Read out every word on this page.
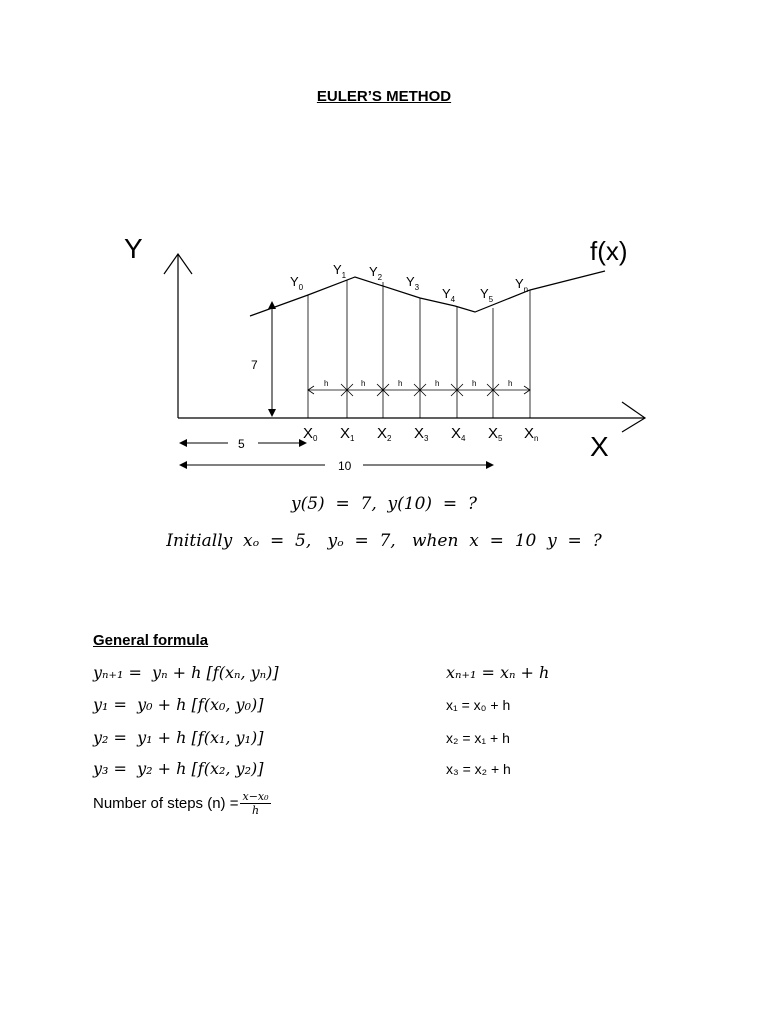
EULER’S METHOD
Y
X
f(x)
7
h	h	h	h	h	h
$Y_0$
$Y_1$ $Y_2$ $Y_3$ $Y_4$ $Y_5$
$Y_n$
$X_0$ $X_1$ $X_2$ $X_3$ $X_4$ $X_5$ $X_n$
5
10
y(5)  =  7,  y(10)  =  ?
Initially  xₒ  =  5,   yₒ  =  7,   when  x  =  10  y  =  ?
General formula
yₙ₊₁ =  yₙ + h [f(xₙ, yₙ)]
y₁ =  y₀ + h [f(x₀, y₀)]
y₂ =  y₁ + h [f(x₁, y₁)]
y₃ =  y₂ + h [f(x₂, y₂)]
xₙ₊₁ = xₙ + h
x₁ = x₀ + h
x₂ = x₁ + h
x₃ = x₂ + h
Number of steps $(n) = \frac{\text{x−x₀}}{h}$
